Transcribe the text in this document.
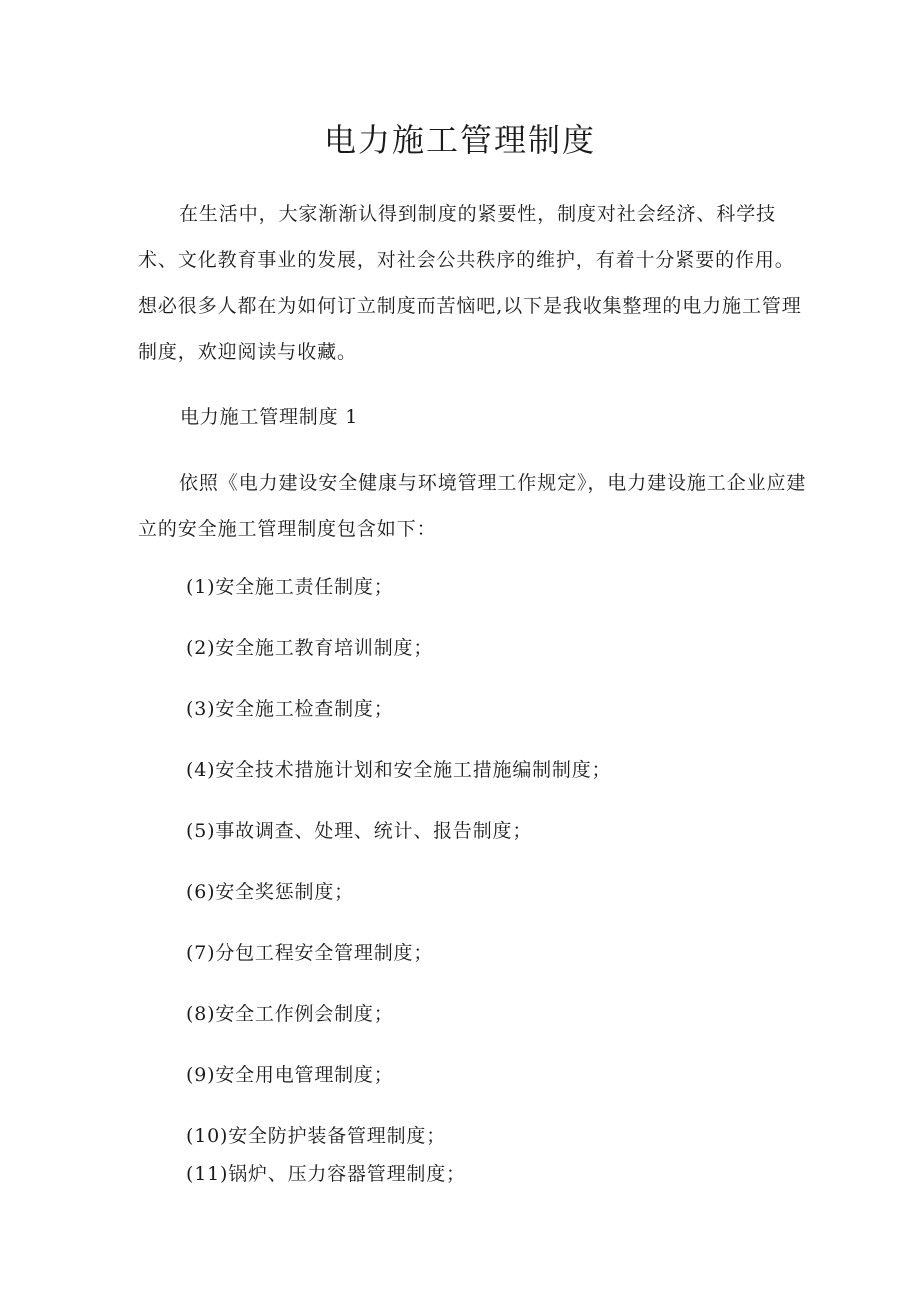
电力施工管理制度

在生活中，大家渐渐认得到制度的紧要性，制度对社会经济、科学技术、文化教育事业的发展，对社会公共秩序的维护，有着十分紧要的作用。想必很多人都在为如何订立制度而苦恼吧,以下是我收集整理的电力施工管理制度，欢迎阅读与收藏。

电力施工管理制度 1

依照《电力建设安全健康与环境管理工作规定》，电力建设施工企业应建立的安全施工管理制度包含如下：

(1)安全施工责任制度；
(2)安全施工教育培训制度；
(3)安全施工检查制度；
(4)安全技术措施计划和安全施工措施编制制度；
(5)事故调查、处理、统计、报告制度；
(6)安全奖惩制度；
(7)分包工程安全管理制度；
(8)安全工作例会制度；
(9)安全用电管理制度；
(10)安全防护装备管理制度；
(11)锅炉、压力容器管理制度；
